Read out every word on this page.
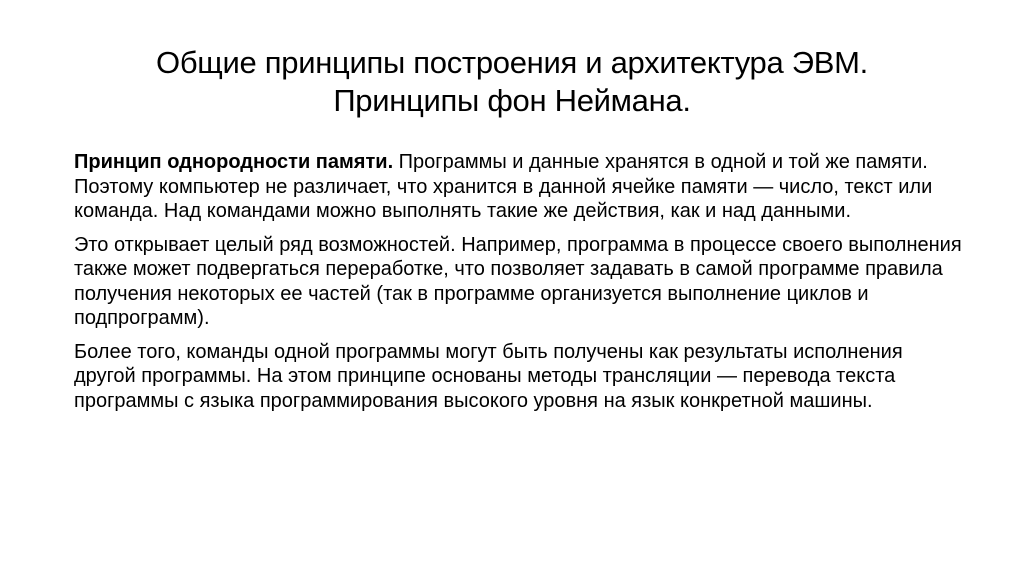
Общие принципы построения и архитектура ЭВМ.
Принципы фон Неймана.

Принцип однородности памяти. Программы и данные хранятся в одной и той же памяти. Поэтому компьютер не различает, что хранится в данной ячейке памяти — число, текст или команда. Над командами можно выполнять такие же действия, как и над данными.

Это открывает целый ряд возможностей. Например, программа в процессе своего выполнения также может подвергаться переработке, что позволяет задавать в самой программе правила получения некоторых ее частей (так в программе организуется выполнение циклов и подпрограмм).

Более того, команды одной программы могут быть получены как результаты исполнения другой программы. На этом принципе основаны методы трансляции — перевода текста программы с языка программирования высокого уровня на язык конкретной машины.
